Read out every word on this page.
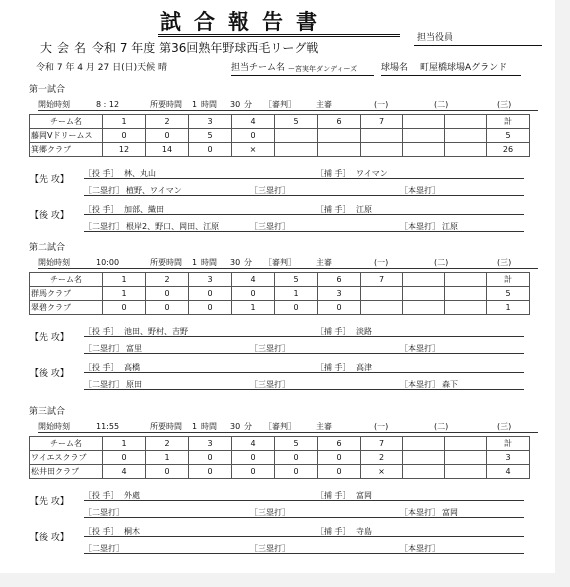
試合報告書
担当役員
大会名 令和 7 年度 第36回熟年野球西毛リーグ戦
令和 7 年 4 月 27 日(日)天候 晴	担当チーム名 ー宮実年ダンディーズ	球場名 町屋橋球場Aグランド
第一試合
開始時刻	8 : 12	所要時間 1 時間 30 分 ［審判］	主審	(一)	(二)	(三)
チーム名	1	2	3	4	5	6	7			計
藤岡Vドリームス	0	0	5	0						5
箕郷クラブ	12	14	0	×						26
【先 攻】
［投 手］ 林、丸山	［捕 手］ ワイマン
［二塁打］ 植野、ワイマン	［三塁打］	［本塁打］
【後 攻】
［投 手］ 加部、織田	［捕 手］ 江原
［二塁打］ 根岸2、野口、岡田、江原	［三塁打］	［本塁打］ 江原
第二試合
開始時刻	10:00	所要時間 1 時間 30 分 ［審判］	主審	(一)	(二)	(三)
チーム名	1	2	3	4	5	6	7			計
群馬クラブ	1	0	0	0	1	3				5
翠碧クラブ	0	0	0	1	0	0				1
【先 攻】
［投 手］ 池田、野村、吉野	［捕 手］ 淡路
［二塁打］ 富里	［三塁打］	［本塁打］
【後 攻】
［投 手］ 高橋	［捕 手］ 高津
［二塁打］ 原田	［三塁打］	［本塁打］ 森下
第三試合
開始時刻	11:55	所要時間 1 時間 30 分 ［審判］	主審	(一)	(二)	(三)
チーム名	1	2	3	4	5	6	7			計
ワイエスクラブ	0	1	0	0	0	0	2			3
松井田クラブ	4	0	0	0	0	0	×			4
【先 攻】
［投 手］ 外處	［捕 手］ 富岡
［二塁打］	［三塁打］	［本塁打］ 富岡
【後 攻】
［投 手］ 桐木	［捕 手］ 寺島
［二塁打］	［三塁打］	［本塁打］
